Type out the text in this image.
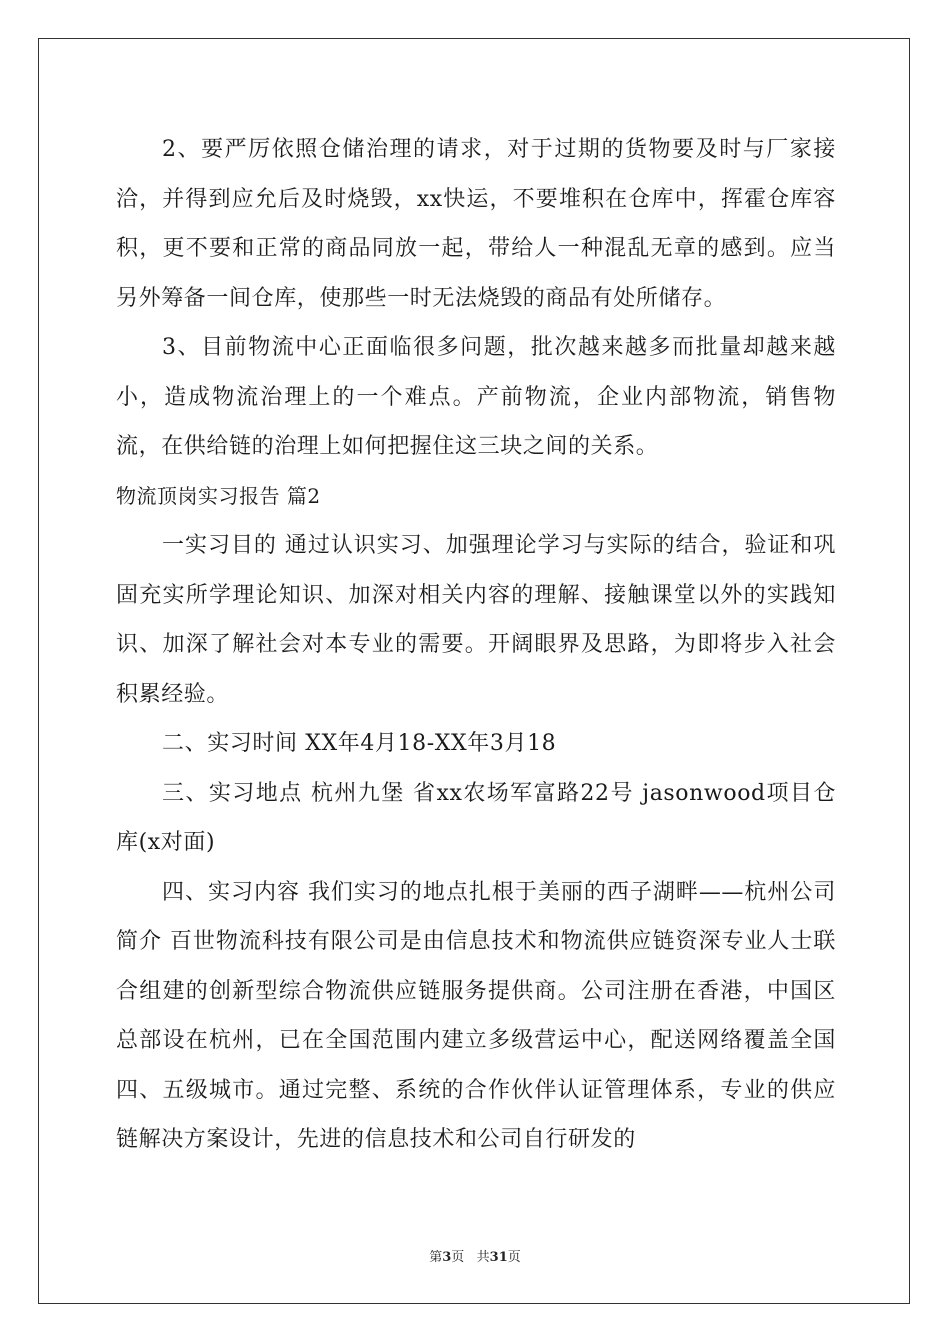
2、要严厉依照仓储治理的请求，对于过期的货物要及时与厂家接洽，并得到应允后及时烧毁，xx快运，不要堆积在仓库中，挥霍仓库容积，更不要和正常的商品同放一起，带给人一种混乱无章的感到。应当另外筹备一间仓库，使那些一时无法烧毁的商品有处所储存。

3、目前物流中心正面临很多问题，批次越来越多而批量却越来越小，造成物流治理上的一个难点。产前物流，企业内部物流，销售物流，在供给链的治理上如何把握住这三块之间的关系。

物流顶岗实习报告 篇2

一实习目的 通过认识实习、加强理论学习与实际的结合，验证和巩固充实所学理论知识、加深对相关内容的理解、接触课堂以外的实践知识、加深了解社会对本专业的需要。开阔眼界及思路，为即将步入社会积累经验。

二、实习时间 XX年4月18-XX年3月18

三、实习地点 杭州九堡 省xx农场军富路22号 jasonwood项目仓库(x对面)

四、实习内容 我们实习的地点扎根于美丽的西子湖畔——杭州公司简介 百世物流科技有限公司是由信息技术和物流供应链资深专业人士联合组建的创新型综合物流供应链服务提供商。公司注册在香港，中国区总部设在杭州，已在全国范围内建立多级营运中心，配送网络覆盖全国四、五级城市。通过完整、系统的合作伙伴认证管理体系，专业的供应链解决方案设计，先进的信息技术和公司自行研发的

第3页   共31页
